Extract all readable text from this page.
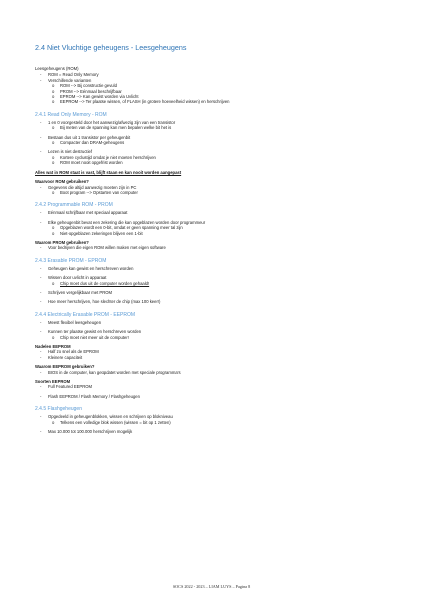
2.4 Niet Vluchtige geheugens - Leesgeheugens
Leesgeheugens (ROM)
-	ROM = Read Only Memory
-	Verschillende varianten
o	ROM --> Bij constructie gevuld
o	PROM --> Eénmaal beschrijfbaar
o	EPROM --> Kan gewist worden via Uvlicht
o	EEPROM --> Ter plaatse wissen, of FLASH (in grotere hoeveelheid wissen) en herschrijven
2.4.1 Read Only Memory - ROM
-	1 en 0 voorgesteld door het aanwezig/afwezig zijn van een transistor
o	Bij meten van de spanning kan men bepalen welke bit het is
-	Bestaan dus uit 1 transistor per geheugenbit
o	Compacter dan DRAM-geheugens
-	Lezen is niet destructief
o	Kortere cyclustijd omdat je niet moeten herschrijven
o	ROM moet nooit opgefrist worden
Alles wat in ROM staat is vast, blijft staan en kan nooit worden aangepast
Waarvoor ROM gebruiken?
-	Gegevens die altijd aanwezig moeten zijn in PC
o	Boot program --> Opstarten van computer
2.4.2 Programmable ROM - PROM
-	Eénmaal schrijfbaar met speciaal apparaat
-	Elke geheugenbit bevat een zekering die kan opgeblazen worden door programmeur
o	Opgeblazen wordt een 0-bit, omdat er geen spanning meer tal zijn
o	Niet-opgeblazen zekeringen blijven een 1-bit
Waarom PROM gebruiken?
-	Voor bedrijven die eigen ROM willen maken met eigen software
2.4.3 Erasable PROM - EPROM
-	Geheugen kan gewist en herschreven worden
-	Wissen door uvlicht in apparaat
o	Chip moet dus uit de computer worden gehaald!
-	Schrijven vergelijkbaar met PROM
-	Hoe meer herschrijven, hoe slechter de chip (max 100 keer!)
2.4.4 Electrically Erasable PROM - EEPROM
-	Meest flexibel leesgeheugen
-	Kunnen ter plaatse gewist en herschreven worden
o	Chip moet niet meer uit de computer!
Nadelen EEPROM
-	Half zo snel als de EPROM
-	Kleinere capaciteit
Waarom EEPROM gebruiken?
-	BIOS in de computer, kan geüpdatet worden met speciale programma's
Soorten EEPROM
-	Full Featured EEPROM
-	Flash EEPROM / Flash Memory / Flashgeheugen
2.4.5 Flashgeheugen
-	Opgedeeld in geheugenblokken, wissen en schrijven op blokniveau
o	Telkens een volledige blok wissen (wissen = bit op 1 zetten)
-	Max 10.000 tot 100.000 herschrijven mogelijk
SOCS 2022 - 2023 – LIAM LUYS – Pagina 8
